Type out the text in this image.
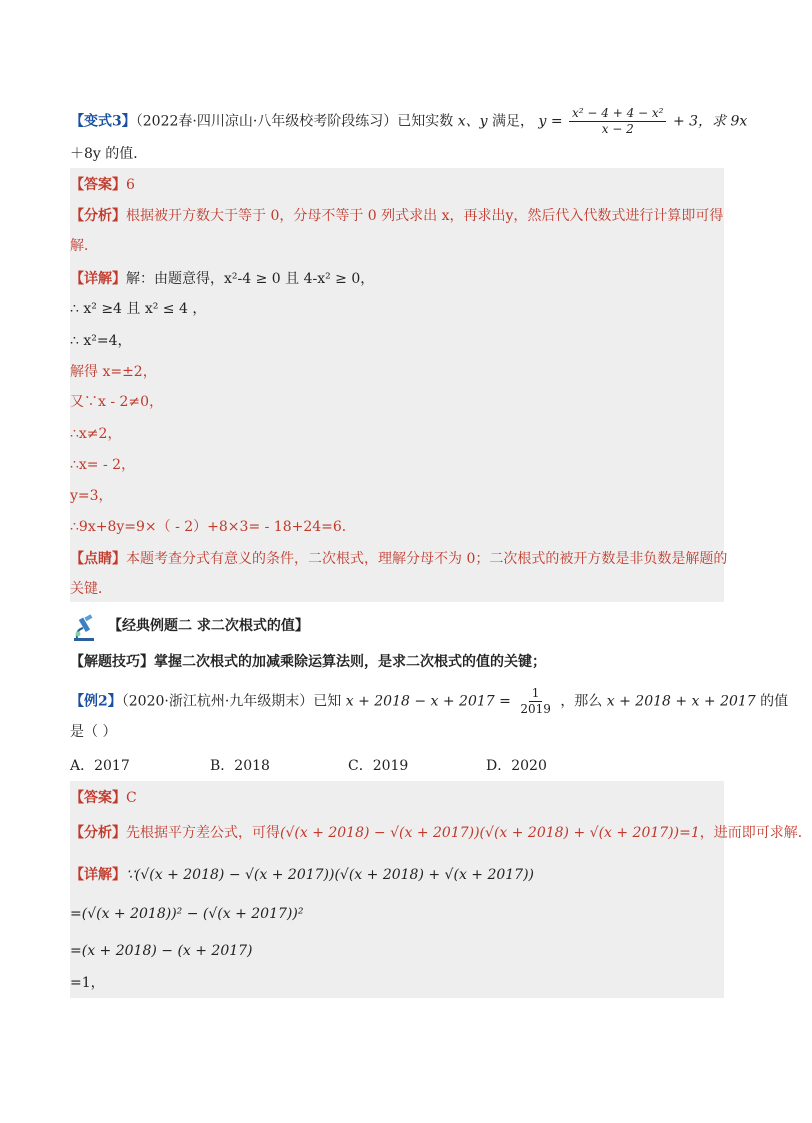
【变式3】（2022春·四川凉山·八年级校考阶段练习）已知实数 x、y 满足， $y = \frac{\text{x² − 4 + 4 − x²}}{x - 2} + 3$，求 9x
＋8y 的值．
【答案】6
【分析】根据被开方数大于等于 0，分母不等于 0 列式求出 x，再求出y，然后代入代数式进行计算即可得
解．
【详解】解：由题意得，x²-4 ≥ 0 且 4-x² ≥ 0，
∴ x² ≥4 且 x² ≤ 4 ，
∴ x²=4，
解得 x=±2，
又∵x - 2≠0，
∴x≠2，
∴x= - 2，
y=3，
∴9x+8y=9×（ - 2）+8×3= - 18+24=6．
【点睛】本题考查分式有意义的条件，二次根式，理解分母不为 0；二次根式的被开方数是非负数是解题的
关键．
【经典例题二 求二次根式的值】
【解题技巧】掌握二次根式的加减乘除运算法则，是求二次根式的值的关键；
【例2】（2020·浙江杭州·九年级期末）已知 $x + 2018 - x + 2017 = \frac{1}{2019}$ ，那么 x + 2018 + x + 2017 的值
是（ ）
A．2017	B．2018	C．2019	D．2020
【答案】C
【分析】先根据平方差公式，可得(√(x + 2018) − √(x + 2017))(√(x + 2018) + √(x + 2017))=1，进而即可求解．
【详解】∵(√(x + 2018) − √(x + 2017))(√(x + 2018) + √(x + 2017))
=(√(x + 2018))² − (√(x + 2017))²
=(x + 2018) − (x + 2017)
=1，
